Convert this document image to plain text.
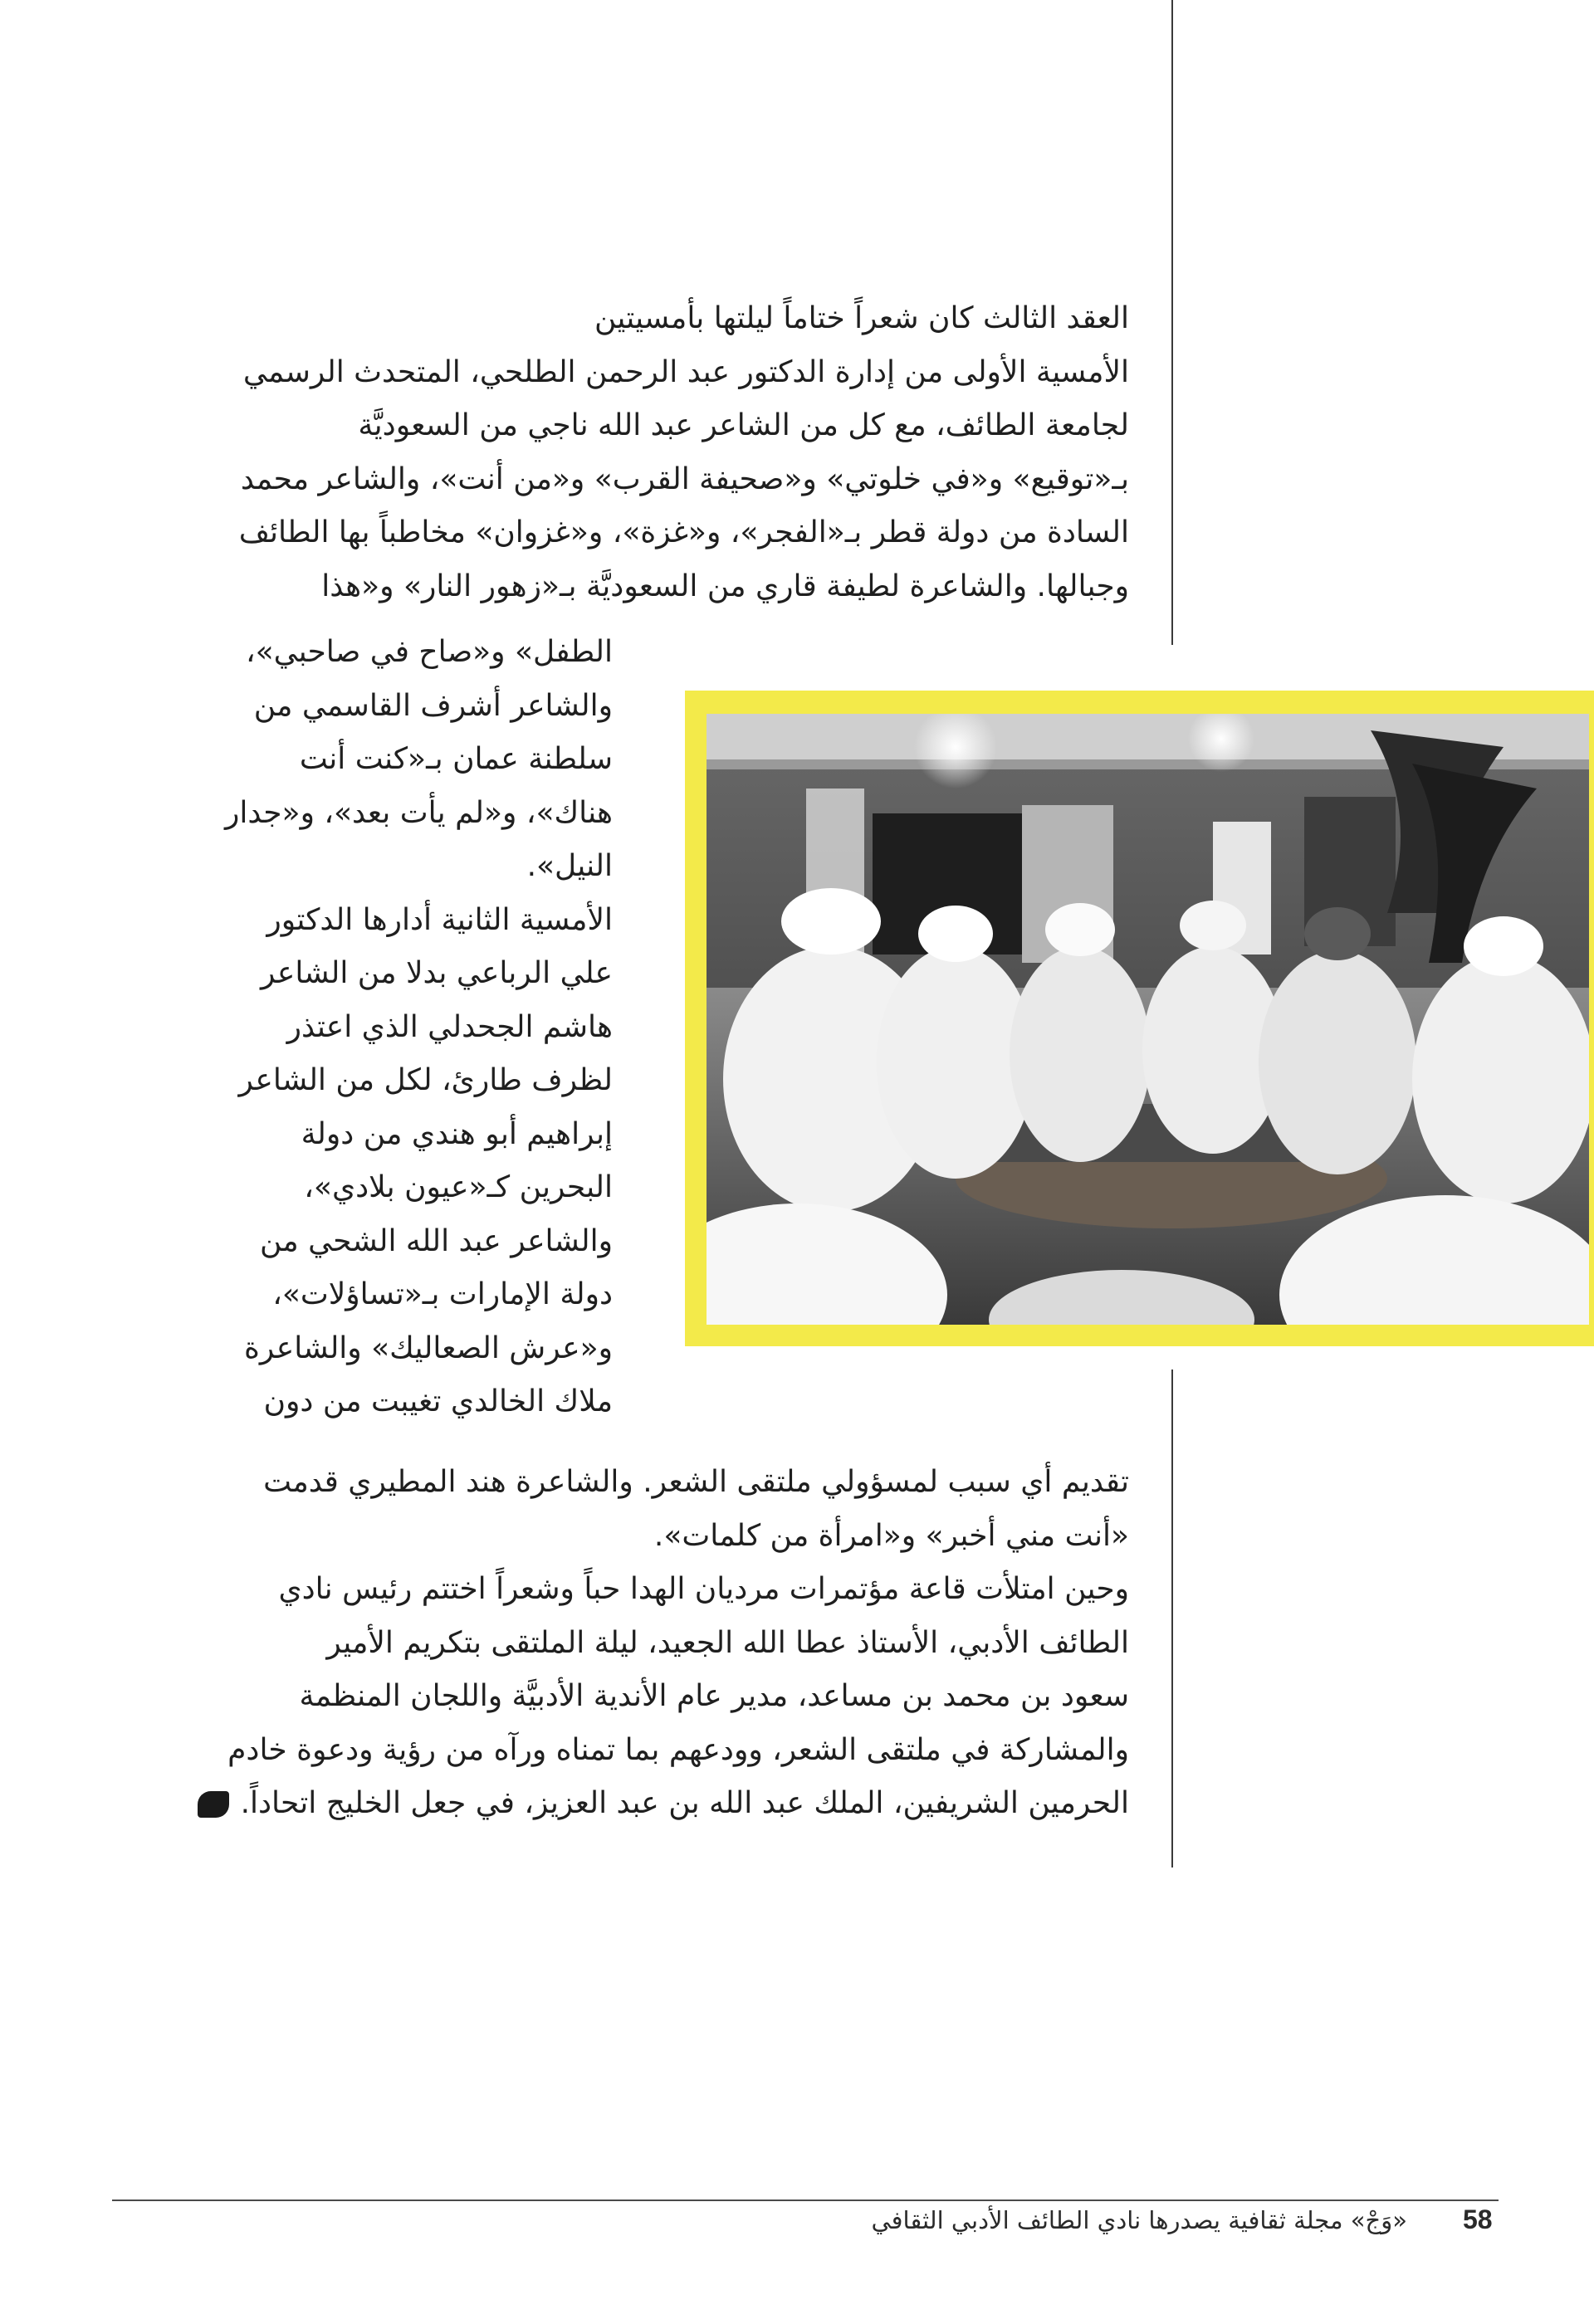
العقد الثالث كان شعراً ختاماً ليلتها بأمسيتين
الأمسية الأولى من إدارة الدكتور عبد الرحمن الطلحي، المتحدث الرسمي
لجامعة الطائف، مع كل من الشاعر عبد الله ناجي من السعوديَّة
بـ«توقيع» و«في خلوتي» و«صحيفة القرب» و«من أنت»، والشاعر محمد
السادة من دولة قطر بـ«الفجر»، و«غزة»، و«غزوان» مخاطباً بها الطائف
وجبالها. والشاعرة لطيفة قاري من السعوديَّة بـ«زهور النار» و«هذا
الطفل» و«صاح في صاحبي»،
والشاعر أشرف القاسمي من
سلطنة عمان بـ«كنت أنت
هناك»، و«لم يأت بعد»، و«جدار
النيل».
الأمسية الثانية أدارها الدكتور
علي الرباعي بدلا من الشاعر
هاشم الجحدلي الذي اعتذر
لظرف طارئ، لكل من الشاعر
إبراهيم أبو هندي من دولة
البحرين كـ«عيون بلادي»،
والشاعر عبد الله الشحي من
دولة الإمارات بـ«تساؤلات»،
و«عرش الصعاليك» والشاعرة
ملاك الخالدي تغيبت من دون
تقديم أي سبب لمسؤولي ملتقى الشعر. والشاعرة هند المطيري قدمت
«أنت مني أخبر» و«امرأة من كلمات».
وحين امتلأت قاعة مؤتمرات مرديان الهدا حباً وشعراً اختتم رئيس نادي
الطائف الأدبي، الأستاذ عطا الله الجعيد، ليلة الملتقى بتكريم الأمير
سعود بن محمد بن مساعد، مدير عام الأندية الأدبيَّة واللجان المنظمة
والمشاركة في ملتقى الشعر، وودعهم بما تمناه ورآه من رؤية ودعوة خادم
الحرمين الشريفين، الملك عبد الله بن عبد العزيز، في جعل الخليج اتحاداً.
«وَجْ» مجلة ثقافية يصدرها نادي الطائف الأدبي الثقافي 58
